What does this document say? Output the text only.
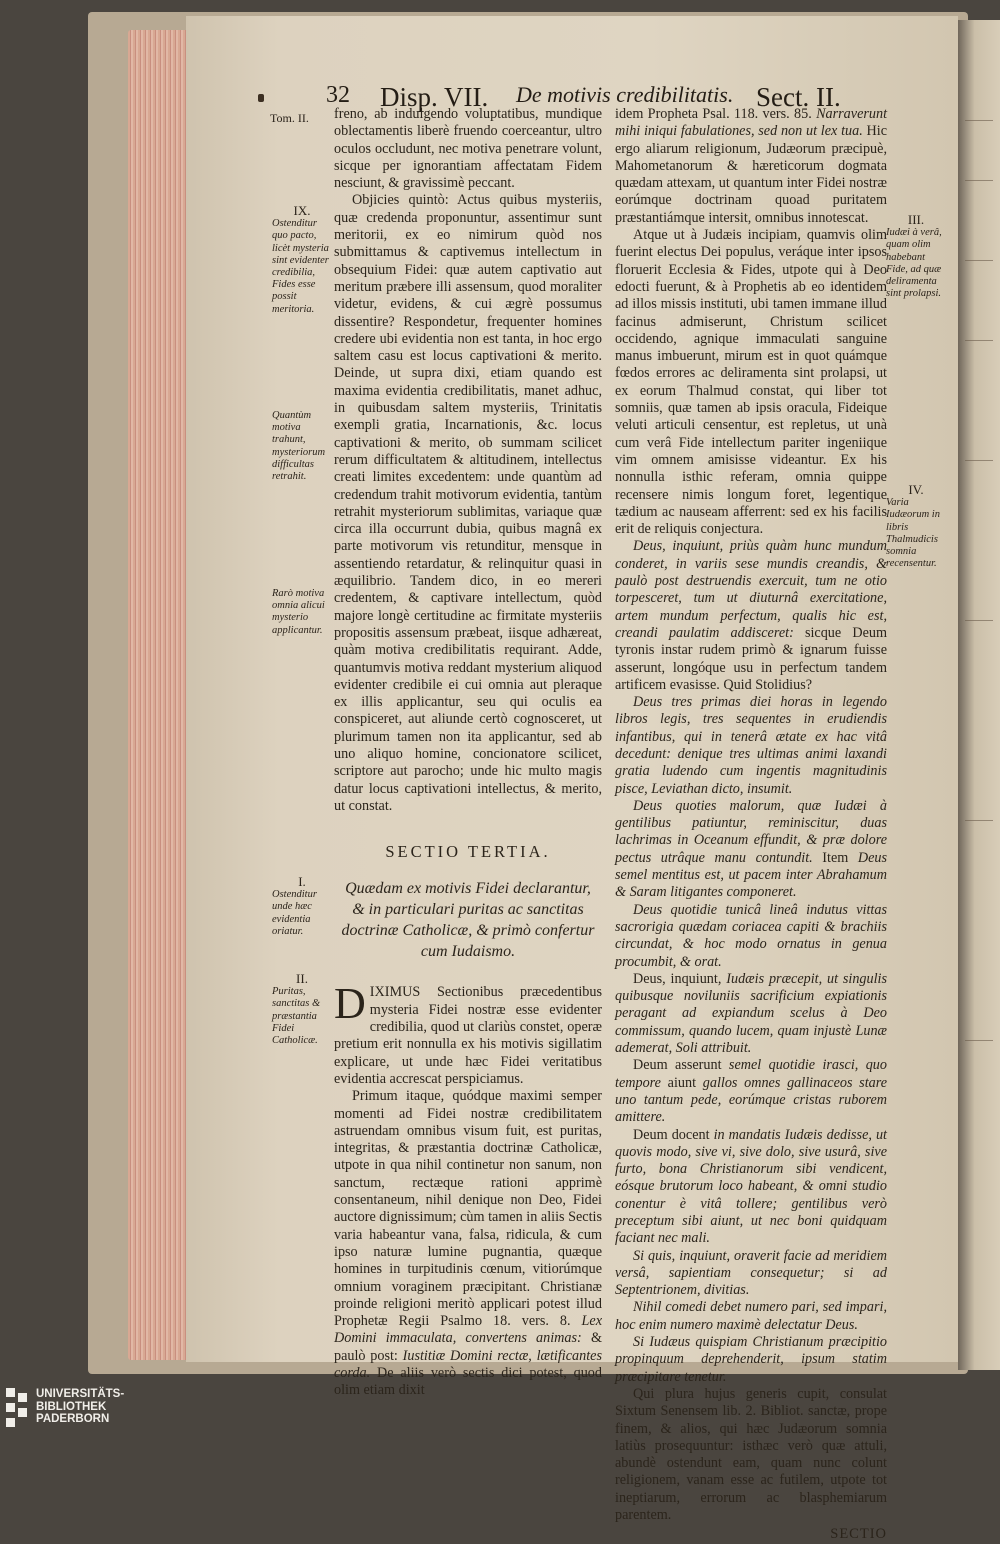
32 Disp. VII. De motivis credibilitatis. Sect. II.
Tom. II. freno, ab indulgendo voluptatibus, mundique oblectamentis liberè fruendo coerceantur, ultro oculos occludunt, nec motiva penetrare volunt, sicque per ignorantiam affectatam Fidem nesciunt, & gravissimè peccant.

Objicies quintò: Actus quibus mysteriis, quæ credenda proponuntur, assentimur sunt meritorii, ex eo nimirum quòd nos submittamus & captivemus intellectum in obsequium Fidei: quæ autem captivatio aut meritum præbere illi assensum, quod moraliter videtur, evidens, & cui ægrè possumus dissentire? Respondetur, frequenter homines credere ubi evidentia non est tanta, in hoc ergo saltem casu est locus captivationi & merito. Deinde, ut supra dixi, etiam quando est maxima evidentia credibilitatis, manet adhuc, in quibusdam saltem mysteriis, Trinitatis exempli gratia, Incarnationis, &c. locus captivationi & merito, ob summam scilicet rerum difficultatem & altitudinem, intellectus creati limites excedentem: unde quantùm ad credendum trahit motivorum evidentia, tantùm retrahit mysteriorum sublimitas, variaque quæ circa illa occurrunt dubia, quibus magnâ ex parte motivorum vis retunditur, mensque in assentiendo retardatur, & relinquitur quasi in æquilibrio. Tandem dico, in eo mereri credentem, & captivare intellectum, quòd majore longè certitudine ac firmitate mysteriis propositis assensum præbeat, iisque adhæreat, quàm motiva credibilitatis requirant. Adde, quantumvis motiva reddant mysterium aliquod evidenter credibile ei cui omnia aut pleraque ex illis applicantur, seu qui oculis ea conspiceret, aut aliunde certò cognosceret, ut plurimum tamen non ita applicantur, sed ab uno aliquo homine, concionatore scilicet, scriptore aut parocho; unde hic multo magis datur locus captivationi intellectus, & merito, ut constat.

SECTIO TERTIA.
Quædam ex motivis Fidei declarantur, & in particulari puritas ac sanctitas doctrinæ Catholicæ, & primò confertur cum Iudaismo.

DIXIMUS Sectionibus præcedentibus mysteria Fidei nostræ esse evidenter credibilia, quod ut clariùs constet, operæ pretium erit nonnulla ex his motivis sigillatim explicare, ut unde hæc Fidei veritatibus evidentia accrescat perspiciamus.

Primum itaque, quódque maximi semper momenti ad Fidei nostræ credibilitatem astruendam omnibus visum fuit, est puritas, integritas, & præstantia doctrinæ Catholicæ, utpote in qua nihil continetur non sanum, non sanctum, rectæque rationi apprimè consentaneum, nihil denique non Deo, Fidei auctore dignissimum; cùm tamen in aliis Sectis varia habeantur vana, falsa, ridicula, & cum ipso naturæ lumine pugnantia, quæque homines in turpitudinis cœnum, vitiorúmque omnium voraginem præcipitant. Christianæ proinde religioni meritò applicari potest illud Prophetæ Regii Psalmo 18. vers. 8. Lex Domini immaculata, convertens animas: & paulò post: Iustitiæ Domini rectæ, lætificantes corda. De aliis verò sectis dici potest, quod olim etiam dixit

idem Propheta Psal. 118. vers. 85. Narraverunt mihi iniqui fabulationes, sed non ut lex tua. Hic ergo aliarum religionum, Judæorum præcipuè, Mahometanorum & hæreticorum dogmata quædam attexam, ut quantum inter Fidei nostræ eorúmque doctrinam quoad puritatem præstantiámque intersit, omnibus innotescat.

Atque ut à Judæis incipiam, quamvis olim fuerint electus Dei populus, veráque inter ipsos floruerit Ecclesia & Fides, utpote qui à Deo edocti fuerunt, & à Prophetis ab eo identidem ad illos missis instituti, ubi tamen immane illud facinus admiserunt, Christum scilicet occidendo, agnique immaculati sanguine manus imbuerunt, mirum est in quot quámque fœdos errores ac deliramenta sint prolapsi, ut ex eorum Thalmud constat, qui liber tot somniis, quæ tamen ab ipsis oracula, Fideique veluti articuli censentur, est repletus, ut unà cum verâ Fide intellectum pariter ingeniique vim omnem amisisse videantur. Ex his nonnulla isthic referam, omnia quippe recensere nimis longum foret, legentique tædium ac nauseam afferrent: sed ex his facilis erit de reliquis conjectura.

Deus, inquiunt, priùs quàm hunc mundum conderet, in variis sese mundis creandis, & paulò post destruendis exercuit, tum ne otio torpesceret, tum ut diuturnâ exercitatione, artem mundum perfectum, qualis hic est, creandi paulatim addisceret: sicque Deum tyronis instar rudem primò & ignarum fuisse asserunt, longóque usu in perfectum tandem artificem evasisse. Quid Stolidius?

Deus tres primas diei horas in legendo libros legis, tres sequentes in erudiendis infantibus, qui in tenerâ ætate ex hac vitâ decedunt: denique tres ultimas animi laxandi gratia ludendo cum ingentis magnitudinis pisce, Leviathan dicto, insumit.

Deus quoties malorum, quæ Iudæi à gentilibus patiuntur, reminiscitur, duas lachrimas in Oceanum effundit, & præ dolore pectus utrâque manu contundit. Item Deus semel mentitus est, ut pacem inter Abrahamum & Saram litigantes componeret.

Deus quotidie tunicâ lineâ indutus vittas sacrorigia quædam coriacea capiti & brachiis circundat, & hoc modo ornatus in genua procumbit, & orat.

Deus, inquiunt, Iudæis præcepit, ut singulis quibusque noviluniis sacrificium expiationis peragant ad expiandum scelus à Deo commissum, quando lucem, quam injustè Lunæ ademerat, Soli attribuit.

Deum asserunt semel quotidie irasci, quo tempore aiunt gallos omnes gallinaceos stare uno tantum pede, eorúmque cristas ruborem amittere.

Deum docent in mandatis Iudæis dedisse, ut quovis modo, sive vi, sive dolo, sive usurâ, sive furto, bona Christianorum sibi vendicent, eósque brutorum loco habeant, & omni studio conentur è vitâ tollere; gentilibus verò preceptum sibi aiunt, ut nec boni quidquam faciant nec mali.

Si quis, inquiunt, oraverit facie ad meridiem versâ, sapientiam consequetur; si ad Septentrionem, divitias.

Nihil comedi debet numero pari, sed impari, hoc enim numero maximè delectatur Deus.

Si Iudæus quispiam Christianum præcipitio propinquum deprehenderit, ipsum statim præcipitare tenetur.

Qui plura hujus generis cupit, consulat Sixtum Senensem lib. 2. Bibliot. sanctæ, prope finem, & alios, qui hæc Judæorum somnia latiùs prosequuntur: isthæc verò quæ attuli, abundè ostendunt eam, quam nunc colunt religionem, vanam esse ac futilem, utpote tot ineptiarum, errorum ac blasphemiarum parentem.

SECTIO
IX.
Ostenditur quo pacto, licèt mysteria sint evidenter credibilia, Fides esse possit meritoria.
Quantùm motiva trahunt, mysteriorum difficultas retrahit.
Rarò motiva omnia alicui mysterio applicantur.
I.
Ostenditur unde hæc evidentia oriatur.
II.
Puritas, sanctitas & præstantia Fidei Catholicæ.
III.
Iudæi à verâ, quam olim habebant Fide, ad quæ deliramenta sint prolapsi.
IV.
Varia Iudæorum in libris Thalmudicis somnia recensentur.
UNIVERSITÄTS-
BIBLIOTHEK
PADERBORN
